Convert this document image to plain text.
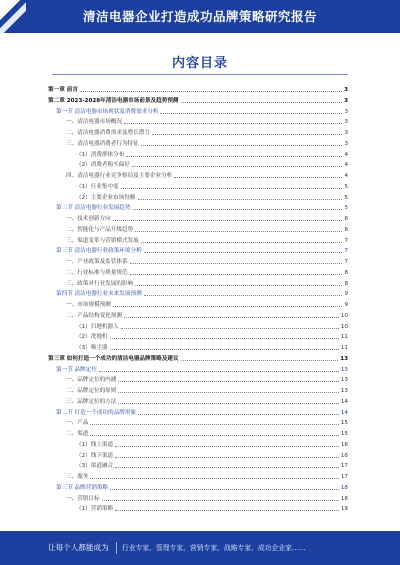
清洁电器企业打造成功品牌策略研究报告
内容目录
第一章 前言	3
第二章 2023-2028年清洁电器市场前景及趋势预测	3
第一节 清洁电器市场现状及消费需求分析	3
一、清洁电器市场概况	3
二、清洁电器消费需求及增长潜力	3
三、清洁电器消费者行为特征	3
（1）消费群体分布	4
（2）消费者购买偏好	4
四、清洁电器行业竞争格局及主要企业分析	4
（1）行业集中度	5
（2）主要企业市场份额	5
第二节 清洁电器行业发展趋势	5
一、技术创新方向	6
二、智能化与产品升级趋势	6
三、渠道变革与营销模式发展	7
第三节 清洁电器行业政策环境分析	7
一、产业政策及监管体系	7
二、行业标准与质量规范	8
三、政策对行业发展的影响	8
第四节 清洁电器行业未来发展预测	9
一、市场规模预测	9
二、产品结构变化预测	10
（1）扫地机器人	10
（2）洗地机	11
（3）吸尘器	11
第三章 如何打造一个成功的清洁电器品牌策略及建议	13
第一节 品牌定位	13
一、品牌定位的内涵	13
二、品牌定位的原则	13
三、品牌定位的方法	14
第二节 打造一个成功的品牌形象	14
一、产品	15
二、渠道	15
（1）线上渠道	16
（2）线下渠道	16
（3）渠道融合	17
三、服务	17
第三节 品牌营销策略	18
一、营销目标	18
（1）营销策略	19
让每个人都能成为 行业专家、管理专家、营销专家、战略专家、成功企业家……
